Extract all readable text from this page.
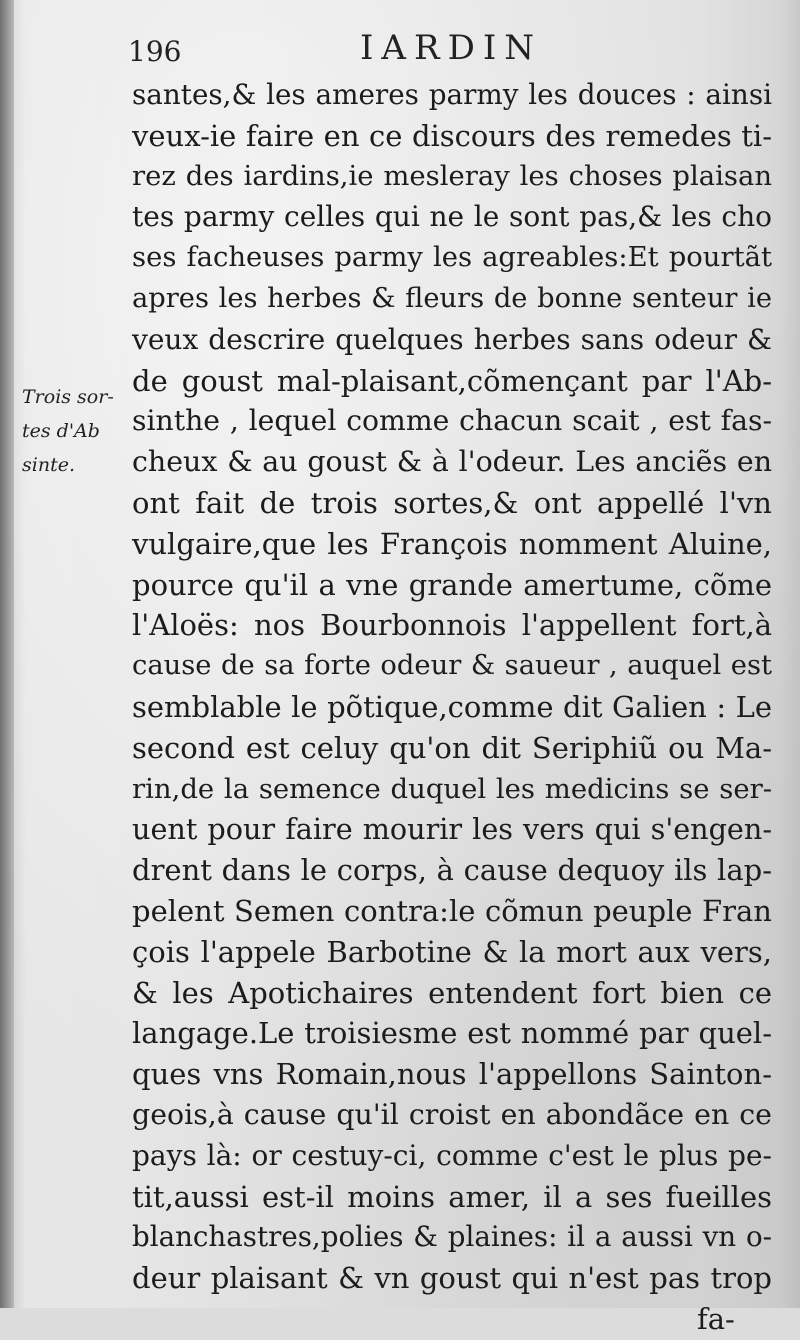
196	IARDIN
Trois sor-
tes d'Ab
sinte.
santes,& les ameres parmy les douces : ainsi
veux-ie faire en ce discours des remedes ti-
rez des iardins,ie mesleray les choses plaisan
tes parmy celles qui ne le sont pas,& les cho
ses facheuses parmy les agreables:Et pourtãt
apres les herbes & fleurs de bonne senteur ie
veux descrire quelques herbes sans odeur &
de goust mal-plaisant,cõmençant par l'Ab-
sinthe , lequel comme chacun scait , est fas-
cheux & au goust & à l'odeur. Les anciẽs en
ont fait de trois sortes,& ont appellé l'vn
vulgaire,que les François nomment Aluine,
pource qu'il a vne grande amertume, cõme
l'Aloës: nos Bourbonnois l'appellent fort,à
cause de sa forte odeur & saueur , auquel est
semblable le põtique,comme dit Galien : Le
second est celuy qu'on dit Seriphiũ ou Ma-
rin,de la semence duquel les medicins se ser-
uent pour faire mourir les vers qui s'engen-
drent dans le corps, à cause dequoy ils lap-
pelent Semen contra:le cõmun peuple Fran
çois l'appele Barbotine & la mort aux vers,
& les Apotichaires entendent fort bien ce
langage.Le troisiesme est nommé par quel-
ques vns Romain,nous l'appellons Sainton-
geois,à cause qu'il croist en abondãce en ce
pays là: or cestuy-ci, comme c'est le plus pe-
tit,aussi est-il moins amer, il a ses fueilles
blanchastres,polies & plaines: il a aussi vn o-
deur plaisant & vn goust qui n'est pas trop
fa-
